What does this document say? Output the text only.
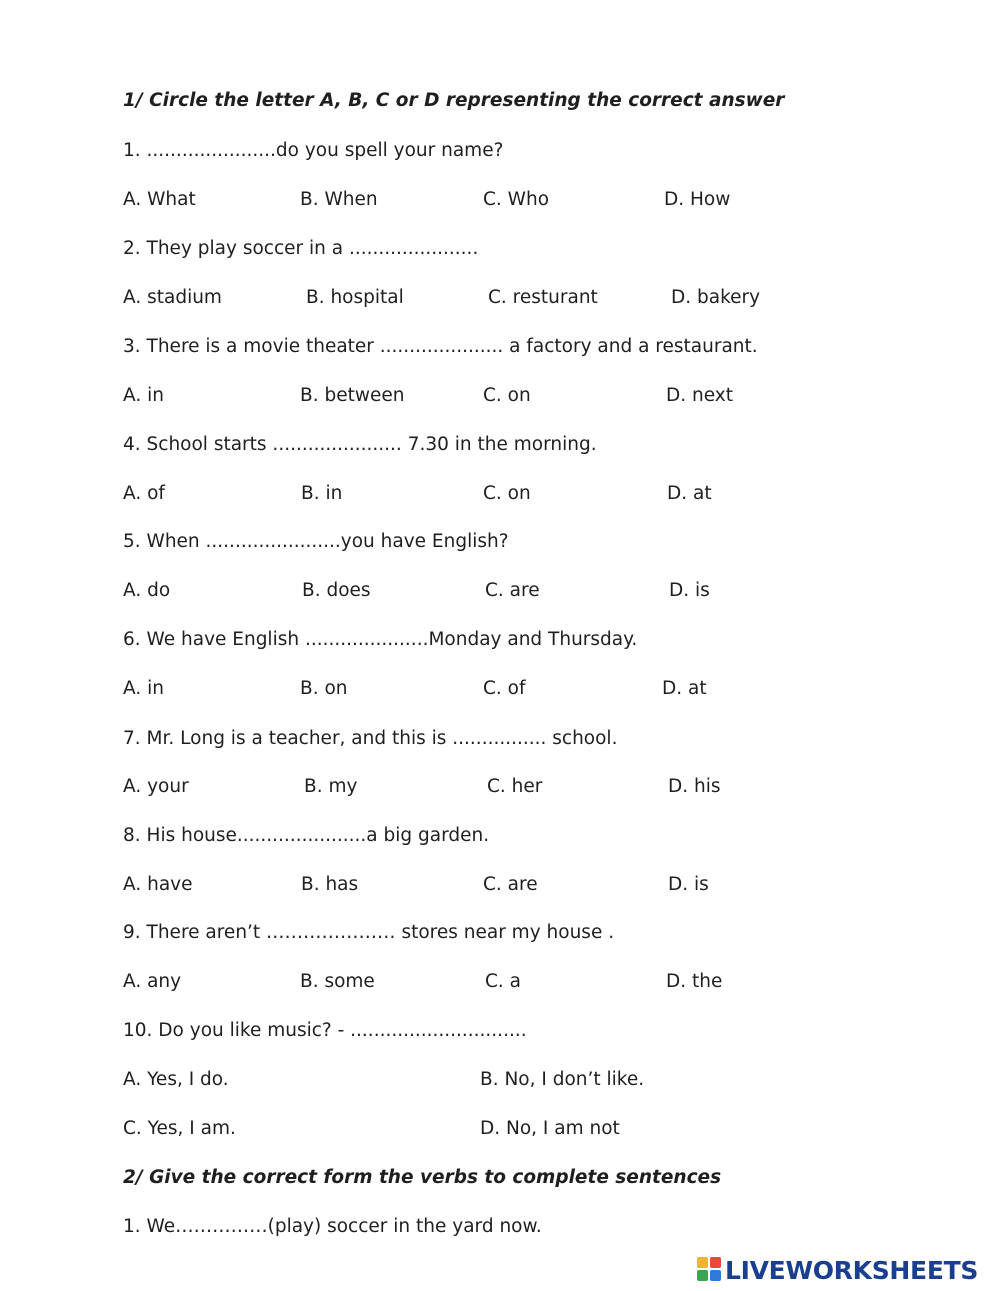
1/ Circle the letter A, B, C or D representing the correct answer
1. ......................do you spell your name?
A. What	B. When	C. Who	D. How
2. They play soccer in a ......................
A. stadium	B. hospital	C. resturant	D. bakery
3. There is a movie theater ..................... a factory and a restaurant.
A. in	B. between	C. on	D. next
4. School starts ...................... 7.30 in the morning.
A. of	B. in	C. on	D. at
5. When .......................you have English?
A. do	B. does	C. are	D. is
6. We have English .....................Monday and Thursday.
A. in	B. on	C. of	D. at
7. Mr. Long is a teacher, and this is ................ school.
A. your	B. my	C. her	D. his
8. His house......................a big garden.
A. have	B. has	C. are	D. is
9. There aren’t ………………… stores near my house .
A. any	B. some	C. a	D. the
10. Do you like music? - ..............................
A. Yes, I do.	B. No, I don’t like.
C. Yes, I am.	D. No, I am not
2/ Give the correct form the verbs to complete sentences
1. We……………(play) soccer in the yard now.
LIVEWORKSHEETS
